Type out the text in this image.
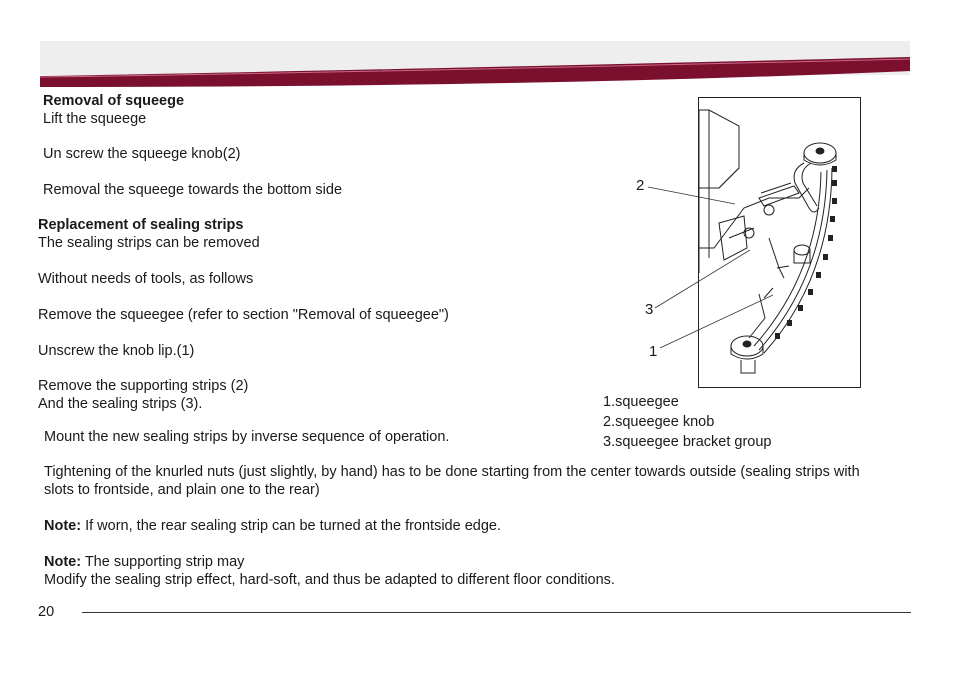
Removal of squeege
Lift the squeege
Un screw the squeege knob(2)
Removal the squeege towards the bottom side
Replacement of sealing strips
The sealing strips can be removed
Without needs of tools, as follows
Remove the squeegee (refer to section "Removal of squeegee")
Unscrew the knob lip.(1)
Remove the supporting strips (2)
And the sealing strips (3).
Mount the new sealing strips by inverse sequence of operation.
Tightening of the knurled nuts (just slightly, by hand) has to be done starting from the center towards outside (sealing strips with slots to frontside, and plain one to the rear)
Note: If worn, the rear sealing strip can be turned at the frontside edge.
Note: The supporting strip may
Modify the sealing strip effect, hard-soft, and thus be adapted to different floor conditions.
2
3
1
1.squeegee
2.squeegee knob
3.squeegee bracket group
20
